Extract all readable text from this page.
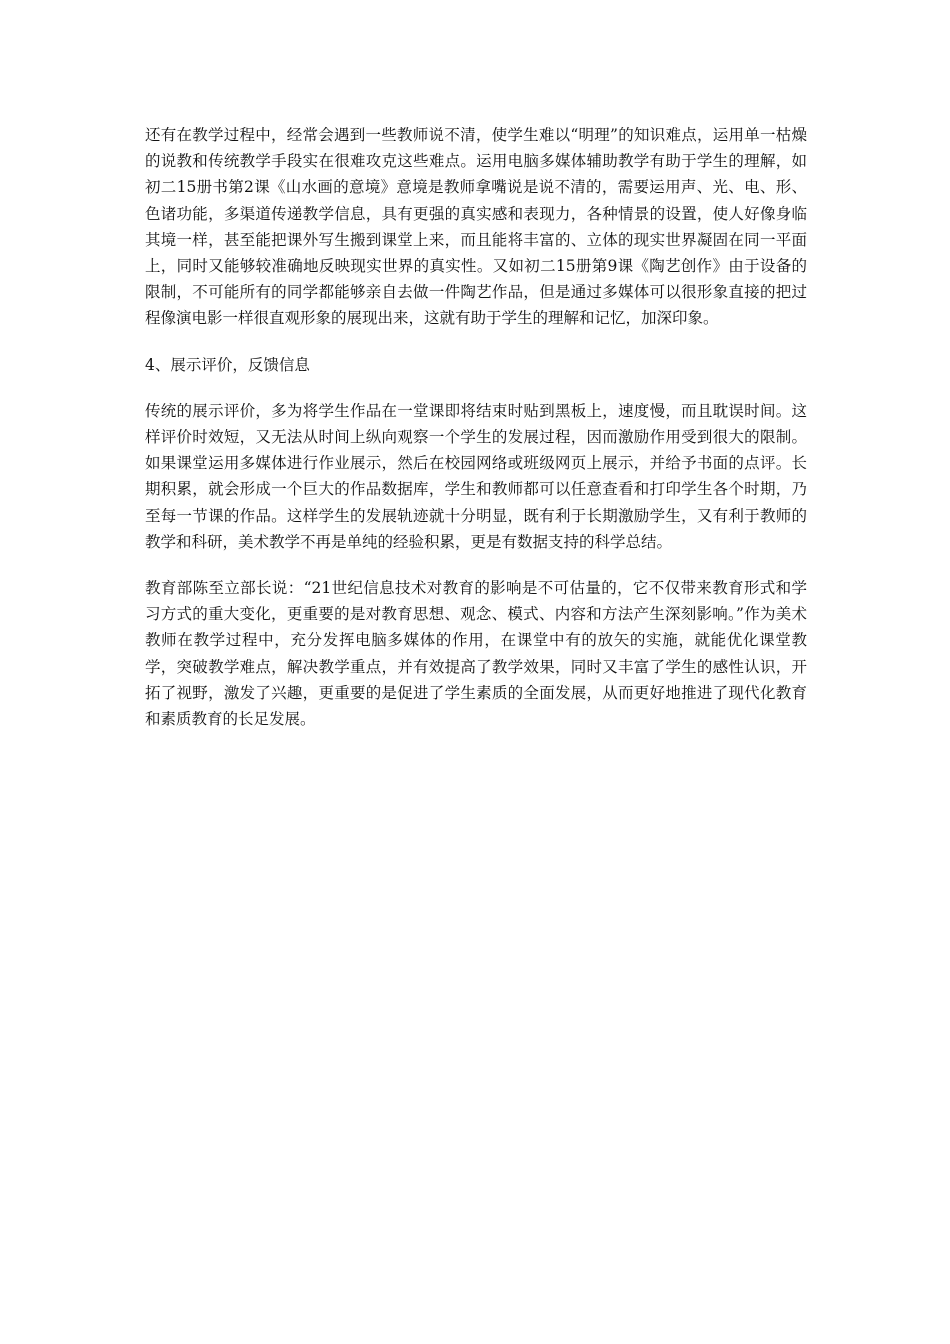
还有在教学过程中，经常会遇到一些教师说不清，使学生难以“明理”的知识难点，运用单一枯燥的说教和传统教学手段实在很难攻克这些难点。运用电脑多媒体辅助教学有助于学生的理解，如初二15册书第2课《山水画的意境》意境是教师拿嘴说是说不清的，需要运用声、光、电、形、色诸功能，多渠道传递教学信息，具有更强的真实感和表现力，各种情景的设置，使人好像身临其境一样，甚至能把课外写生搬到课堂上来，而且能将丰富的、立体的现实世界凝固在同一平面上，同时又能够较准确地反映现实世界的真实性。又如初二15册第9课《陶艺创作》由于设备的限制，不可能所有的同学都能够亲自去做一件陶艺作品，但是通过多媒体可以很形象直接的把过程像演电影一样很直观形象的展现出来，这就有助于学生的理解和记忆，加深印象。

4、展示评价，反馈信息

传统的展示评价，多为将学生作品在一堂课即将结束时贴到黑板上，速度慢，而且耽误时间。这样评价时效短，又无法从时间上纵向观察一个学生的发展过程，因而激励作用受到很大的限制。如果课堂运用多媒体进行作业展示，然后在校园网络或班级网页上展示，并给予书面的点评。长期积累，就会形成一个巨大的作品数据库，学生和教师都可以任意查看和打印学生各个时期，乃至每一节课的作品。这样学生的发展轨迹就十分明显，既有利于长期激励学生，又有利于教师的教学和科研，美术教学不再是单纯的经验积累，更是有数据支持的科学总结。

教育部陈至立部长说：“21世纪信息技术对教育的影响是不可估量的，它不仅带来教育形式和学习方式的重大变化，更重要的是对教育思想、观念、模式、内容和方法产生深刻影响。”作为美术教师在教学过程中，充分发挥电脑多媒体的作用，在课堂中有的放矢的实施，就能优化课堂教学，突破教学难点，解决教学重点，并有效提高了教学效果，同时又丰富了学生的感性认识，开拓了视野，激发了兴趣，更重要的是促进了学生素质的全面发展，从而更好地推进了现代化教育和素质教育的长足发展。
